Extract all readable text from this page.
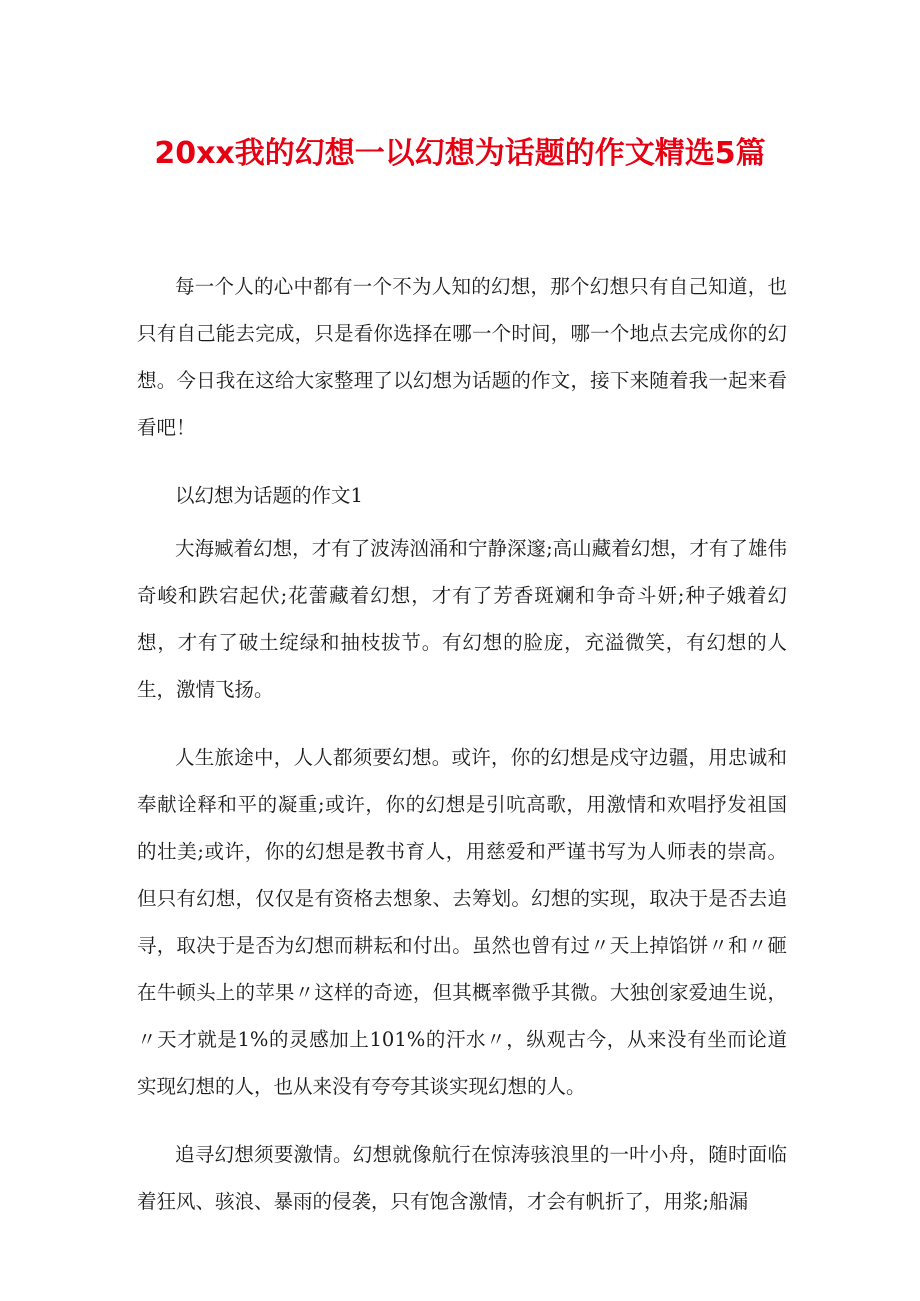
20xx我的幻想一以幻想为话题的作文精选5篇

每一个人的心中都有一个不为人知的幻想，那个幻想只有自己知道，也只有自己能去完成，只是看你选择在哪一个时间，哪一个地点去完成你的幻想。今日我在这给大家整理了以幻想为话题的作文，接下来随着我一起来看看吧！

以幻想为话题的作文1

大海臧着幻想，才有了波涛汹涌和宁静深邃;高山藏着幻想，才有了雄伟奇峻和跌宕起伏;花蕾藏着幻想，才有了芳香斑斓和争奇斗妍;种子娥着幻想，才有了破土绽绿和抽枝拔节。有幻想的脸庞，充溢微笑，有幻想的人生，激情飞扬。

人生旅途中，人人都须要幻想。或许，你的幻想是戍守边疆，用忠诚和奉献诠释和平的凝重;或许，你的幻想是引吭高歌，用激情和欢唱抒发祖国的壮美;或许，你的幻想是教书育人，用慈爱和严谨书写为人师表的崇高。但只有幻想，仅仅是有资格去想象、去筹划。幻想的实现，取决于是否去追寻，取决于是否为幻想而耕耘和付出。虽然也曾有过〃天上掉馅饼〃和〃砸在牛顿头上的苹果〃这样的奇迹，但其概率微乎其微。大独创家爱迪生说，〃天才就是1%的灵感加上101%的汗水〃，纵观古今，从来没有坐而论道实现幻想的人，也从来没有夸夸其谈实现幻想的人。

追寻幻想须要激情。幻想就像航行在惊涛骇浪里的一叶小舟，随时面临着狂风、骇浪、暴雨的侵袭，只有饱含激情，才会有帆折了，用浆;船漏
